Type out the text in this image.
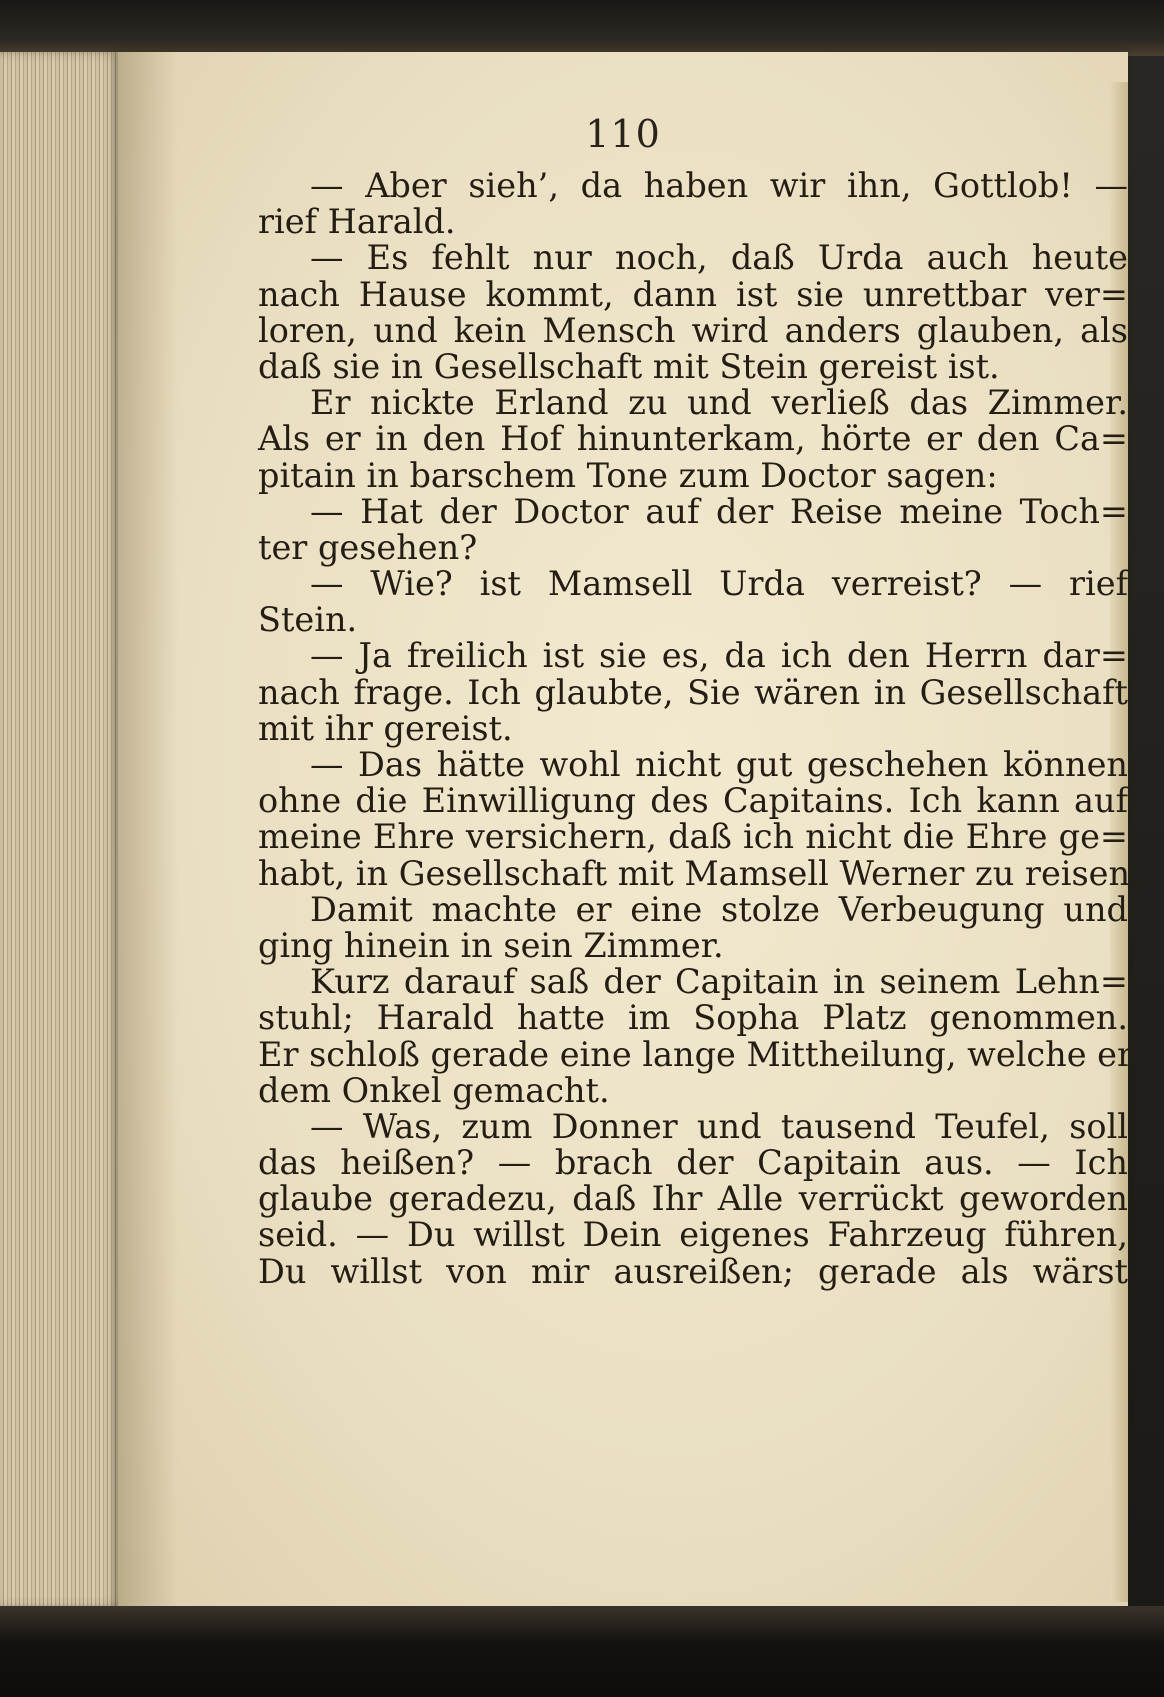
110
— Aber sieh’, da haben wir ihn, Gottlob! —
rief Harald.
— Es fehlt nur noch, daß Urda auch heute
nach Hause kommt, dann ist sie unrettbar ver=
loren, und kein Mensch wird anders glauben, als
daß sie in Gesellschaft mit Stein gereist ist.
Er nickte Erland zu und verließ das Zimmer.
Als er in den Hof hinunterkam, hörte er den Ca=
pitain in barschem Tone zum Doctor sagen:
— Hat der Doctor auf der Reise meine Toch=
ter gesehen?
— Wie? ist Mamsell Urda verreist? — rief
Stein.
— Ja freilich ist sie es, da ich den Herrn dar=
nach frage. Ich glaubte, Sie wären in Gesellschaft
mit ihr gereist.
— Das hätte wohl nicht gut geschehen können
ohne die Einwilligung des Capitains. Ich kann auf
meine Ehre versichern, daß ich nicht die Ehre ge=
habt, in Gesellschaft mit Mamsell Werner zu reisen.
Damit machte er eine stolze Verbeugung und
ging hinein in sein Zimmer.
Kurz darauf saß der Capitain in seinem Lehn=
stuhl; Harald hatte im Sopha Platz genommen.
Er schloß gerade eine lange Mittheilung, welche er
dem Onkel gemacht.
— Was, zum Donner und tausend Teufel, soll
das heißen? — brach der Capitain aus. — Ich
glaube geradezu, daß Ihr Alle verrückt geworden
seid. — Du willst Dein eigenes Fahrzeug führen,
Du willst von mir ausreißen; gerade als wärst
